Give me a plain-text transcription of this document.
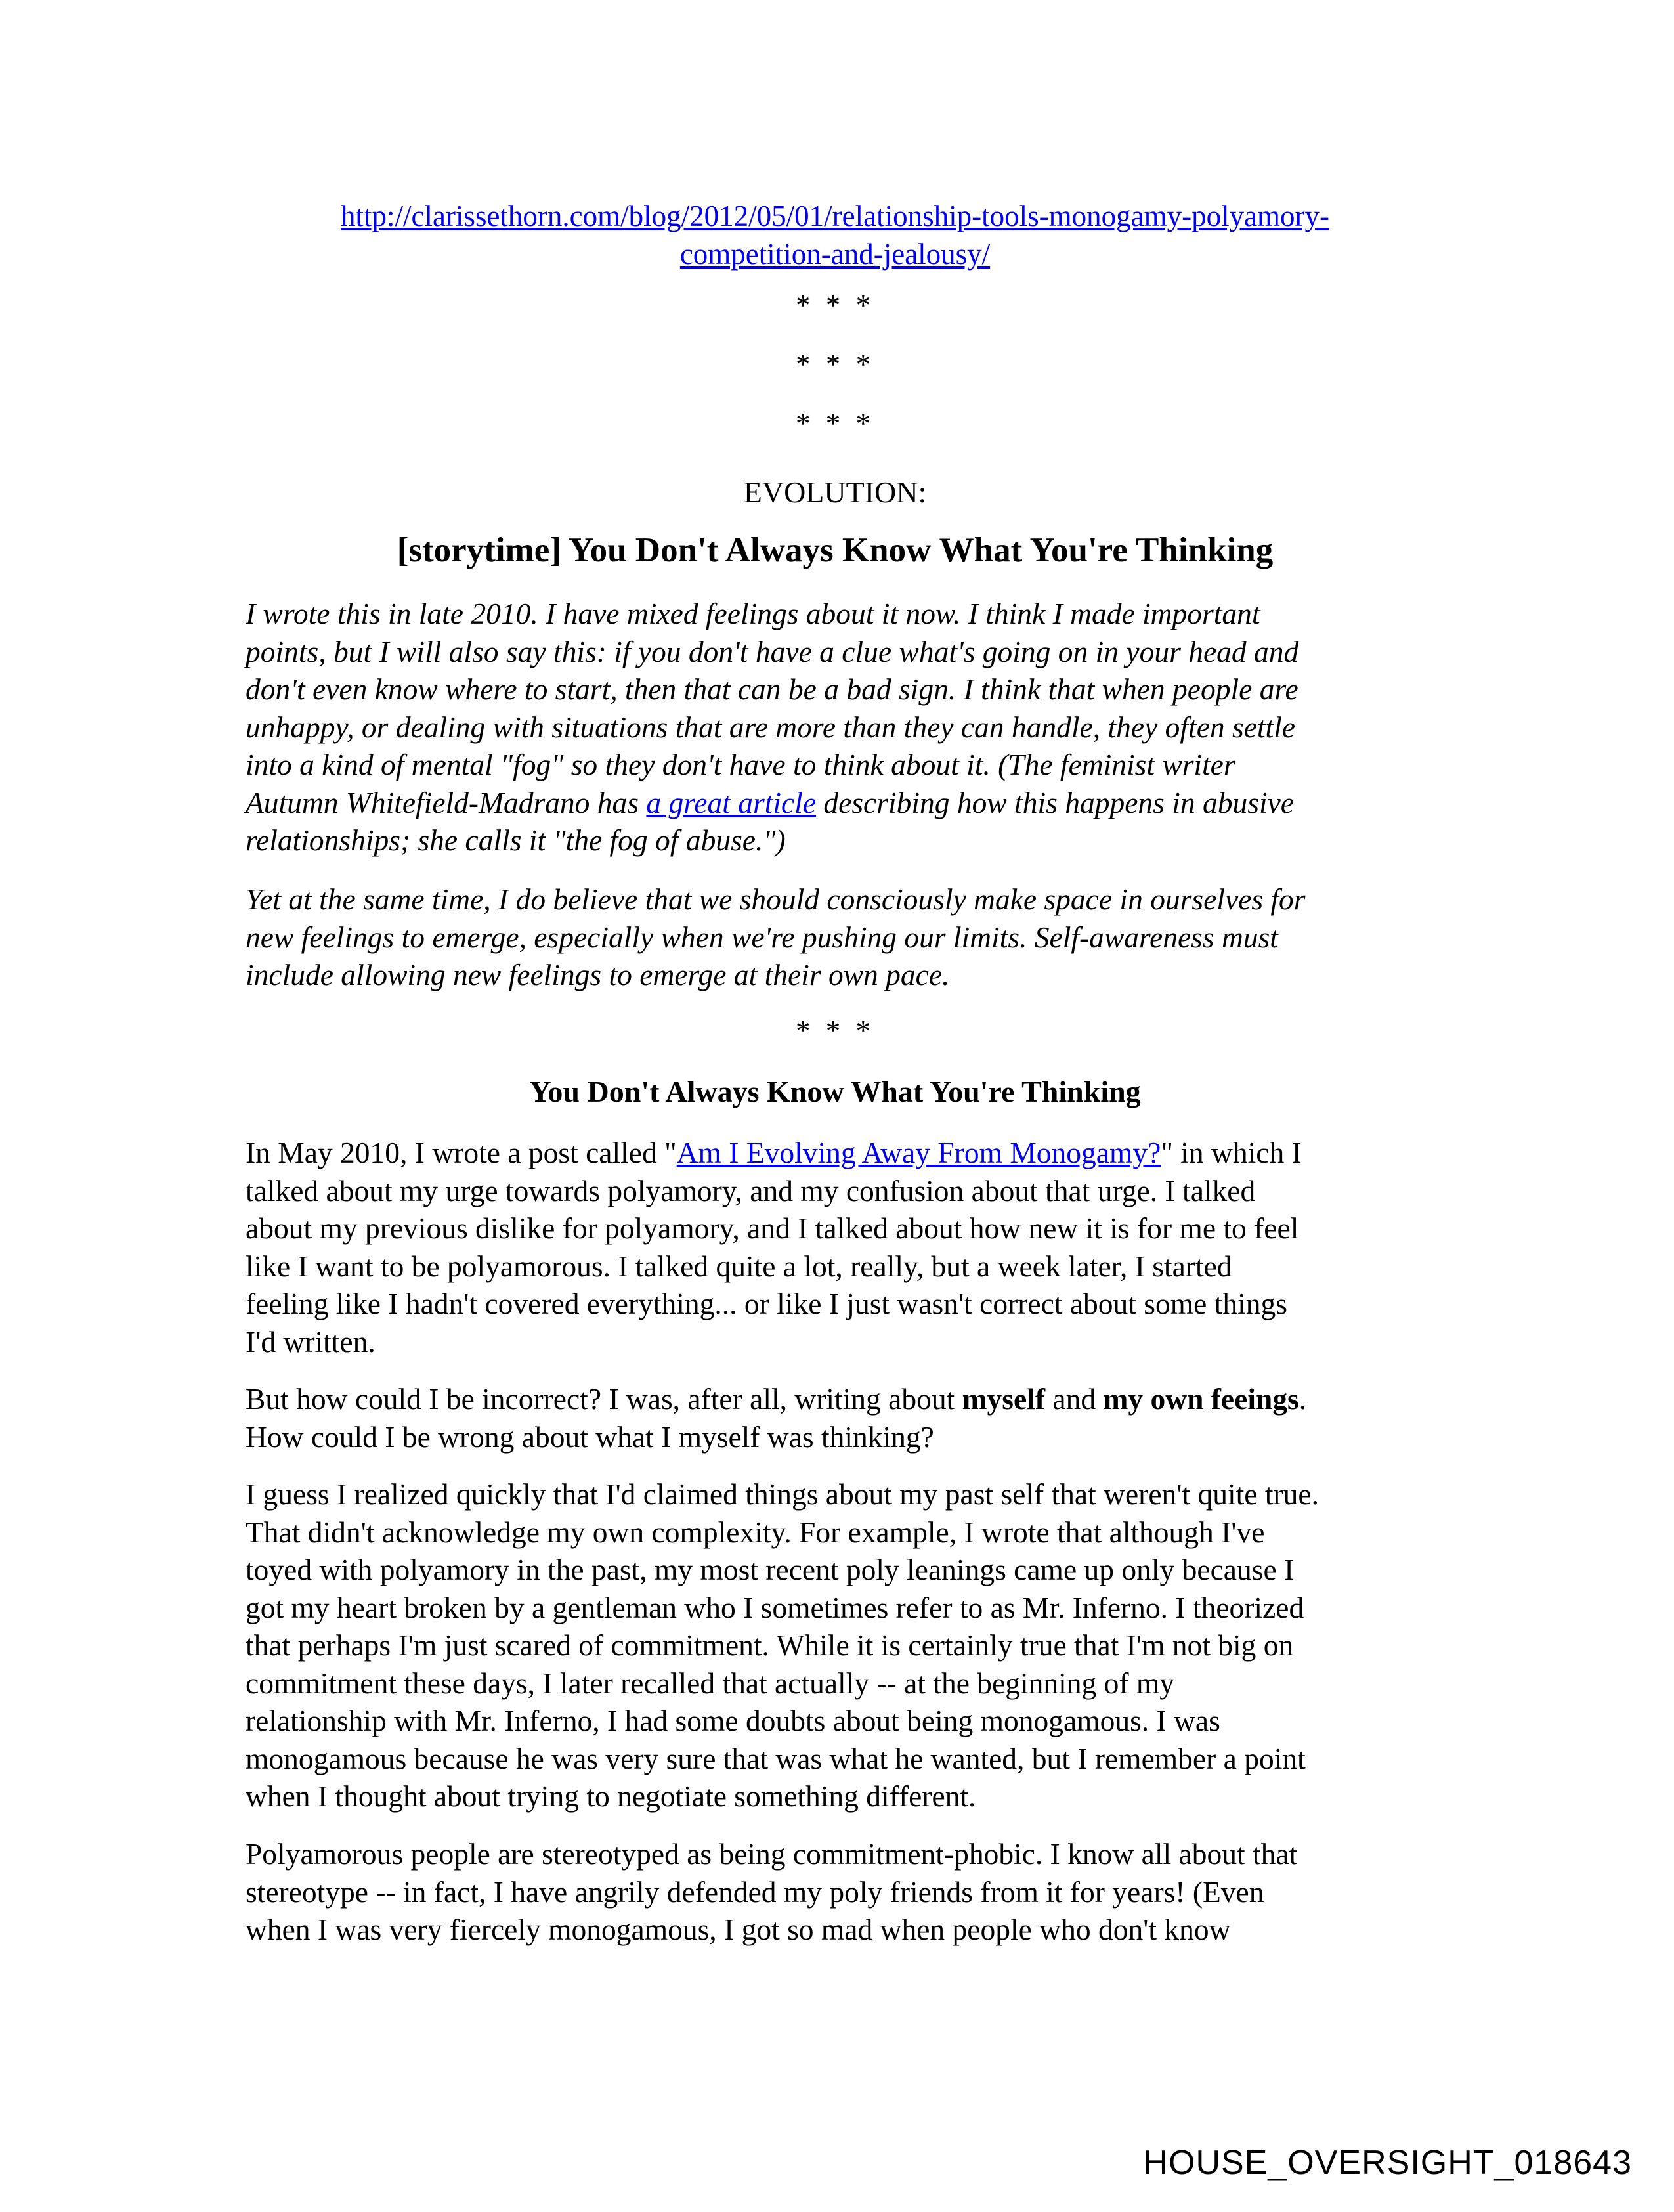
http://clarissethorn.com/blog/2012/05/01/relationship-tools-monogamy-polyamory-
competition-and-jealousy/
* * *
* * *
* * *
EVOLUTION:
[storytime] You Don't Always Know What You're Thinking

I wrote this in late 2010. I have mixed feelings about it now. I think I made important
points, but I will also say this: if you don't have a clue what's going on in your head and
don't even know where to start, then that can be a bad sign. I think that when people are
unhappy, or dealing with situations that are more than they can handle, they often settle
into a kind of mental "fog" so they don't have to think about it. (The feminist writer
Autumn Whitefield-Madrano has a great article describing how this happens in abusive
relationships; she calls it "the fog of abuse.")

Yet at the same time, I do believe that we should consciously make space in ourselves for
new feelings to emerge, especially when we're pushing our limits. Self-awareness must
include allowing new feelings to emerge at their own pace.

* * *
You Don't Always Know What You're Thinking

In May 2010, I wrote a post called "Am I Evolving Away From Monogamy?" in which I
talked about my urge towards polyamory, and my confusion about that urge. I talked
about my previous dislike for polyamory, and I talked about how new it is for me to feel
like I want to be polyamorous. I talked quite a lot, really, but a week later, I started
feeling like I hadn't covered everything... or like I just wasn't correct about some things
I'd written.

But how could I be incorrect? I was, after all, writing about myself and my own feeings.
How could I be wrong about what I myself was thinking?

I guess I realized quickly that I'd claimed things about my past self that weren't quite true.
That didn't acknowledge my own complexity. For example, I wrote that although I've
toyed with polyamory in the past, my most recent poly leanings came up only because I
got my heart broken by a gentleman who I sometimes refer to as Mr. Inferno. I theorized
that perhaps I'm just scared of commitment. While it is certainly true that I'm not big on
commitment these days, I later recalled that actually -- at the beginning of my
relationship with Mr. Inferno, I had some doubts about being monogamous. I was
monogamous because he was very sure that was what he wanted, but I remember a point
when I thought about trying to negotiate something different.

Polyamorous people are stereotyped as being commitment-phobic. I know all about that
stereotype -- in fact, I have angrily defended my poly friends from it for years! (Even
when I was very fiercely monogamous, I got so mad when people who don't know

HOUSE_OVERSIGHT_018643
